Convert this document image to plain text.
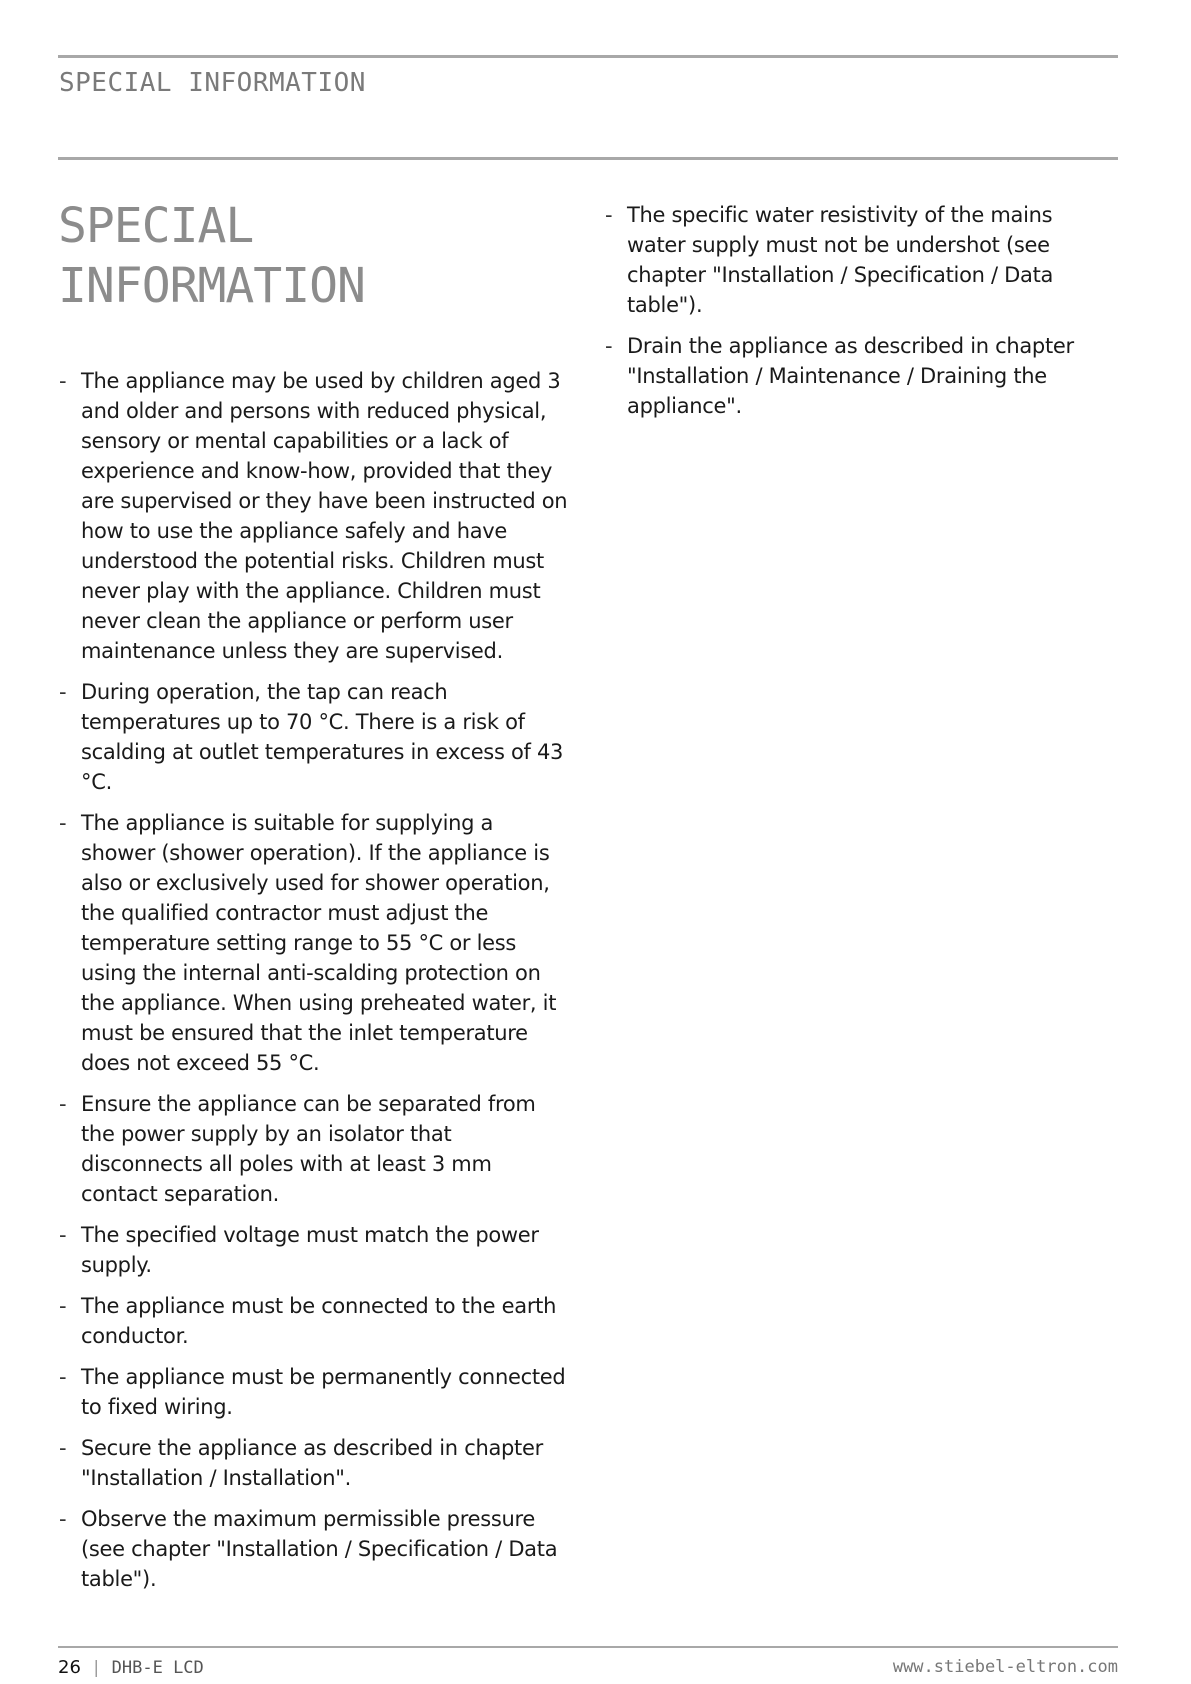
SPECIAL INFORMATION
SPECIAL INFORMATION
- The appliance may be used by children aged 3 and older and persons with reduced physical, sensory or mental capabilities or a lack of experience and know-how, provided that they are supervised or they have been instructed on how to use the appliance safely and have understood the potential risks. Children must never play with the appliance. Children must never clean the appliance or perform user maintenance unless they are supervised.
- During operation, the tap can reach temperatures up to 70 °C. There is a risk of scalding at outlet temperatures in excess of 43 °C.
- The appliance is suitable for supplying a shower (shower operation). If the appliance is also or exclusively used for shower operation, the qualified contractor must adjust the temperature setting range to 55 °C or less using the internal anti-scalding protection on the appliance. When using preheated water, it must be ensured that the inlet temperature does not exceed 55 °C.
- Ensure the appliance can be separated from the power supply by an isolator that disconnects all poles with at least 3 mm contact separation.
- The specified voltage must match the power supply.
- The appliance must be connected to the earth conductor.
- The appliance must be permanently connected to fixed wiring.
- Secure the appliance as described in chapter "Installation / Installation".
- Observe the maximum permissible pressure (see chapter "Installation / Specification / Data table").
- The specific water resistivity of the mains water supply must not be undershot (see chapter "Installation / Specification / Data table").
- Drain the appliance as described in chapter "Installation / Maintenance / Draining the appliance".
26 | DHB-E LCD	www.stiebel-eltron.com
